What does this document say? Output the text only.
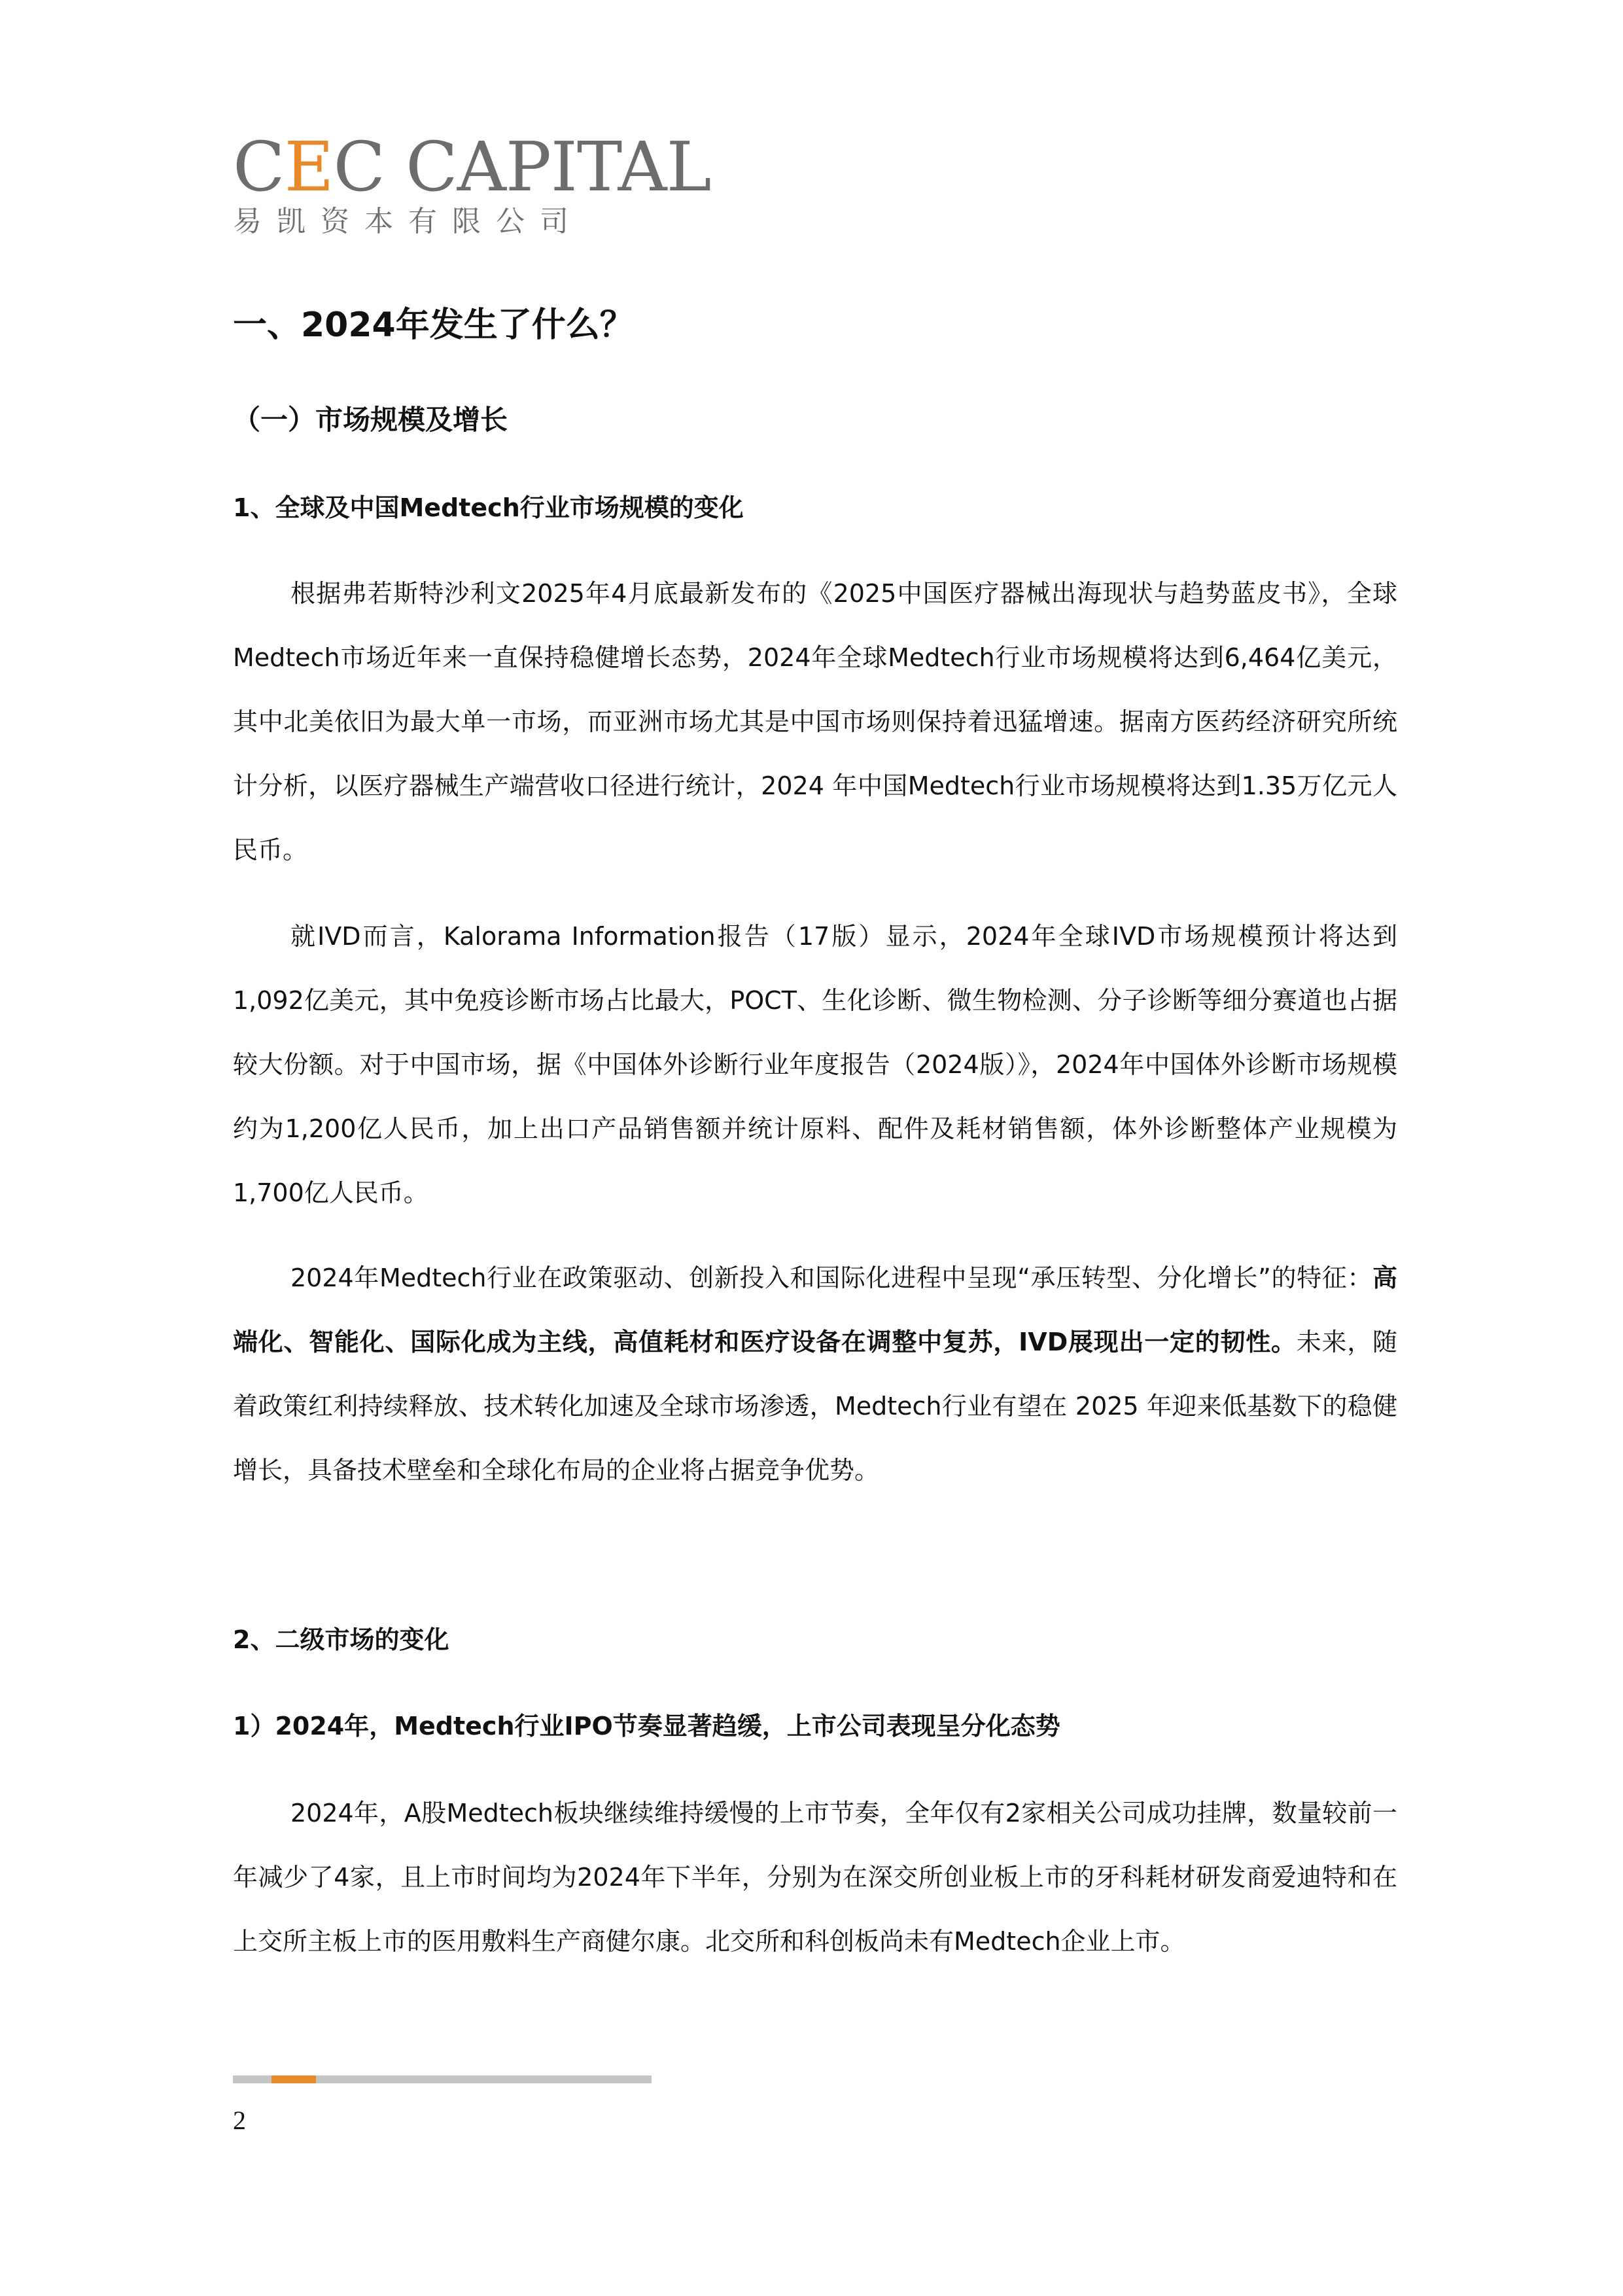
CEC CAPITAL
易凯资本有限公司
一、2024年发生了什么？
（一）市场规模及增长
1、全球及中国Medtech行业市场规模的变化

根据弗若斯特沙利文2025年4月底最新发布的《2025中国医疗器械出海现状与趋势蓝皮书》，全球Medtech市场近年来一直保持稳健增长态势，2024年全球Medtech行业市场规模将达到6,464亿美元，其中北美依旧为最大单一市场，而亚洲市场尤其是中国市场则保持着迅猛增速。据南方医药经济研究所统计分析，以医疗器械生产端营收口径进行统计，2024 年中国Medtech行业市场规模将达到1.35万亿元人民币。

就IVD而言，Kalorama Information报告（17版）显示，2024年全球IVD市场规模预计将达到1,092亿美元，其中免疫诊断市场占比最大，POCT、生化诊断、微生物检测、分子诊断等细分赛道也占据较大份额。对于中国市场，据《中国体外诊断行业年度报告（2024版）》，2024年中国体外诊断市场规模约为1,200亿人民币，加上出口产品销售额并统计原料、配件及耗材销售额，体外诊断整体产业规模为1,700亿人民币。

2024年Medtech行业在政策驱动、创新投入和国际化进程中呈现“承压转型、分化增长”的特征：高端化、智能化、国际化成为主线，高值耗材和医疗设备在调整中复苏，IVD展现出一定的韧性。未来，随着政策红利持续释放、技术转化加速及全球市场渗透，Medtech行业有望在 2025 年迎来低基数下的稳健增长，具备技术壁垒和全球化布局的企业将占据竞争优势。

2、二级市场的变化
1）2024年，Medtech行业IPO节奏显著趋缓，上市公司表现呈分化态势

2024年，A股Medtech板块继续维持缓慢的上市节奏，全年仅有2家相关公司成功挂牌，数量较前一年减少了4家，且上市时间均为2024年下半年，分别为在深交所创业板上市的牙科耗材研发商爱迪特和在上交所主板上市的医用敷料生产商健尔康。北交所和科创板尚未有Medtech企业上市。

2
